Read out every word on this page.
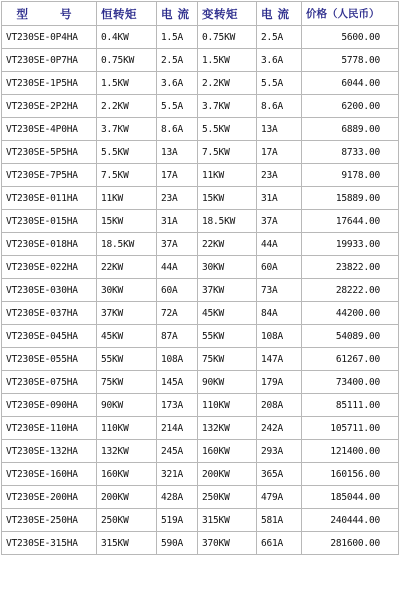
型 号	恒转矩	电 流	变转矩	电 流	价格（人民币）
VT230SE-0P4HA	0.4KW	1.5A	0.75KW	2.5A	5600.00
VT230SE-0P7HA	0.75KW	2.5A	1.5KW	3.6A	5778.00
VT230SE-1P5HA	1.5KW	3.6A	2.2KW	5.5A	6044.00
VT230SE-2P2HA	2.2KW	5.5A	3.7KW	8.6A	6200.00
VT230SE-4P0HA	3.7KW	8.6A	5.5KW	13A	6889.00
VT230SE-5P5HA	5.5KW	13A	7.5KW	17A	8733.00
VT230SE-7P5HA	7.5KW	17A	11KW	23A	9178.00
VT230SE-011HA	11KW	23A	15KW	31A	15889.00
VT230SE-015HA	15KW	31A	18.5KW	37A	17644.00
VT230SE-018HA	18.5KW	37A	22KW	44A	19933.00
VT230SE-022HA	22KW	44A	30KW	60A	23822.00
VT230SE-030HA	30KW	60A	37KW	73A	28222.00
VT230SE-037HA	37KW	72A	45KW	84A	44200.00
VT230SE-045HA	45KW	87A	55KW	108A	54089.00
VT230SE-055HA	55KW	108A	75KW	147A	61267.00
VT230SE-075HA	75KW	145A	90KW	179A	73400.00
VT230SE-090HA	90KW	173A	110KW	208A	85111.00
VT230SE-110HA	110KW	214A	132KW	242A	105711.00
VT230SE-132HA	132KW	245A	160KW	293A	121400.00
VT230SE-160HA	160KW	321A	200KW	365A	160156.00
VT230SE-200HA	200KW	428A	250KW	479A	185044.00
VT230SE-250HA	250KW	519A	315KW	581A	240444.00
VT230SE-315HA	315KW	590A	370KW	661A	281600.00
